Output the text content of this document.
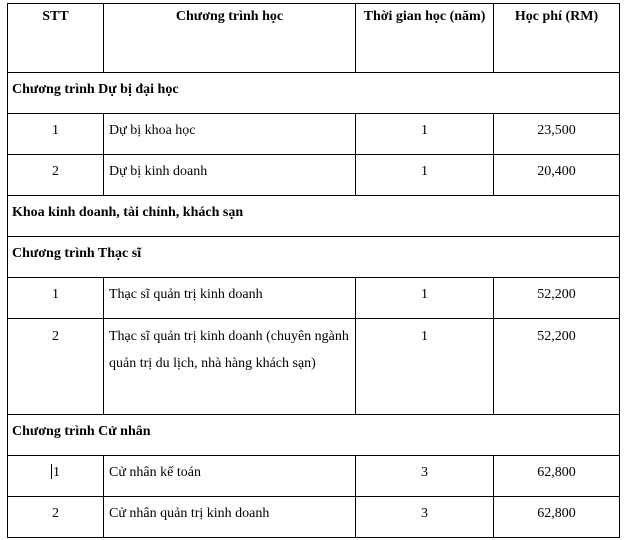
STT	Chương trình học	Thời gian học (năm)	Học phí (RM)
Chương trình Dự bị đại học			
1	Dự bị khoa học	1	23,500
2	Dự bị kinh doanh	1	20,400
Khoa kinh doanh, tài chính, khách sạn			
Chương trình Thạc sĩ			
1	Thạc sĩ quản trị kinh doanh	1	52,200
2	Thạc sĩ quản trị kinh doanh (chuyên ngành quản trị du lịch, nhà hàng khách sạn)	1	52,200
Chương trình Cử nhân			
1	Cử nhân kế toán	3	62,800
2	Cử nhân quản trị kinh doanh	3	62,800
